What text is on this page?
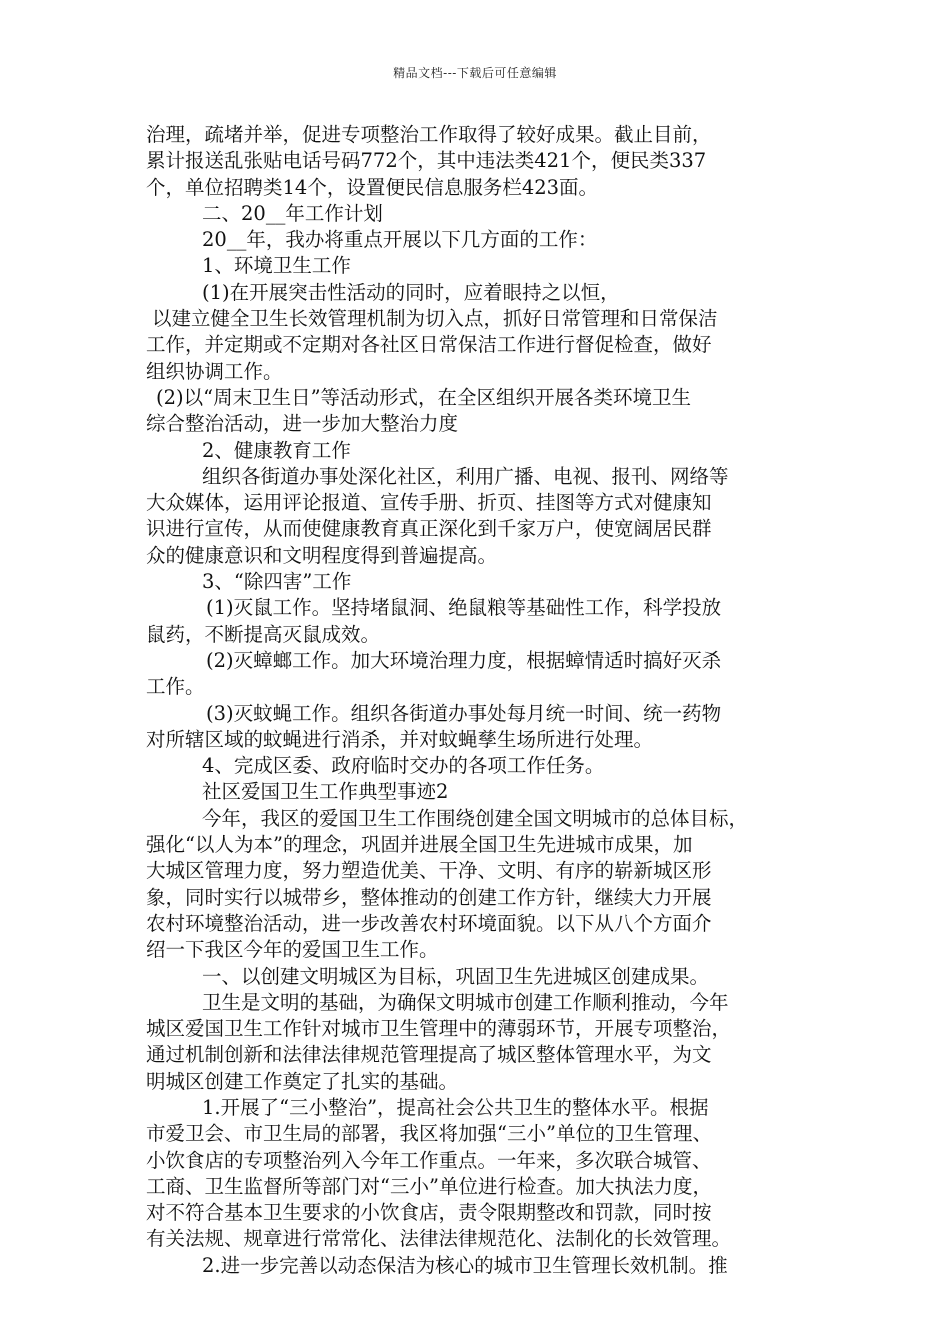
精品文档---下载后可任意编辑
治理，疏堵并举，促进专项整治工作取得了较好成果。截止目前，
累计报送乱张贴电话号码772个，其中违法类421个，便民类337
个，单位招聘类14个，设置便民信息服务栏423面。
二、20__年工作计划
20__年，我办将重点开展以下几方面的工作：
1、环境卫生工作
(1)在开展突击性活动的同时，应着眼持之以恒，
以建立健全卫生长效管理机制为切入点，抓好日常管理和日常保洁
工作，并定期或不定期对各社区日常保洁工作进行督促检查，做好
组织协调工作。
(2)以“周末卫生日”等活动形式，在全区组织开展各类环境卫生
综合整治活动，进一步加大整治力度
2、健康教育工作
组织各街道办事处深化社区，利用广播、电视、报刊、网络等
大众媒体，运用评论报道、宣传手册、折页、挂图等方式对健康知
识进行宣传，从而使健康教育真正深化到千家万户，使宽阔居民群
众的健康意识和文明程度得到普遍提高。
3、“除四害”工作
(1)灭鼠工作。坚持堵鼠洞、绝鼠粮等基础性工作，科学投放
鼠药，不断提高灭鼠成效。
(2)灭蟑螂工作。加大环境治理力度，根据蟑情适时搞好灭杀
工作。
(3)灭蚊蝇工作。组织各街道办事处每月统一时间、统一药物
对所辖区域的蚊蝇进行消杀，并对蚊蝇孳生场所进行处理。
4、完成区委、政府临时交办的各项工作任务。
社区爱国卫生工作典型事迹2
今年，我区的爱国卫生工作围绕创建全国文明城市的总体目标，
强化“以人为本”的理念，巩固并进展全国卫生先进城市成果，加
大城区管理力度，努力塑造优美、干净、文明、有序的崭新城区形
象，同时实行以城带乡，整体推动的创建工作方针，继续大力开展
农村环境整治活动，进一步改善农村环境面貌。以下从八个方面介
绍一下我区今年的爱国卫生工作。
一、以创建文明城区为目标，巩固卫生先进城区创建成果。
卫生是文明的基础，为确保文明城市创建工作顺利推动，今年
城区爱国卫生工作针对城市卫生管理中的薄弱环节，开展专项整治，
通过机制创新和法律法律规范管理提高了城区整体管理水平，为文
明城区创建工作奠定了扎实的基础。
1.开展了“三小整治”，提高社会公共卫生的整体水平。根据
市爱卫会、市卫生局的部署，我区将加强“三小”单位的卫生管理、
小饮食店的专项整治列入今年工作重点。一年来，多次联合城管、
工商、卫生监督所等部门对“三小”单位进行检查。加大执法力度，
对不符合基本卫生要求的小饮食店，责令限期整改和罚款，同时按
有关法规、规章进行常常化、法律法律规范化、法制化的长效管理。
2.进一步完善以动态保洁为核心的城市卫生管理长效机制。推
